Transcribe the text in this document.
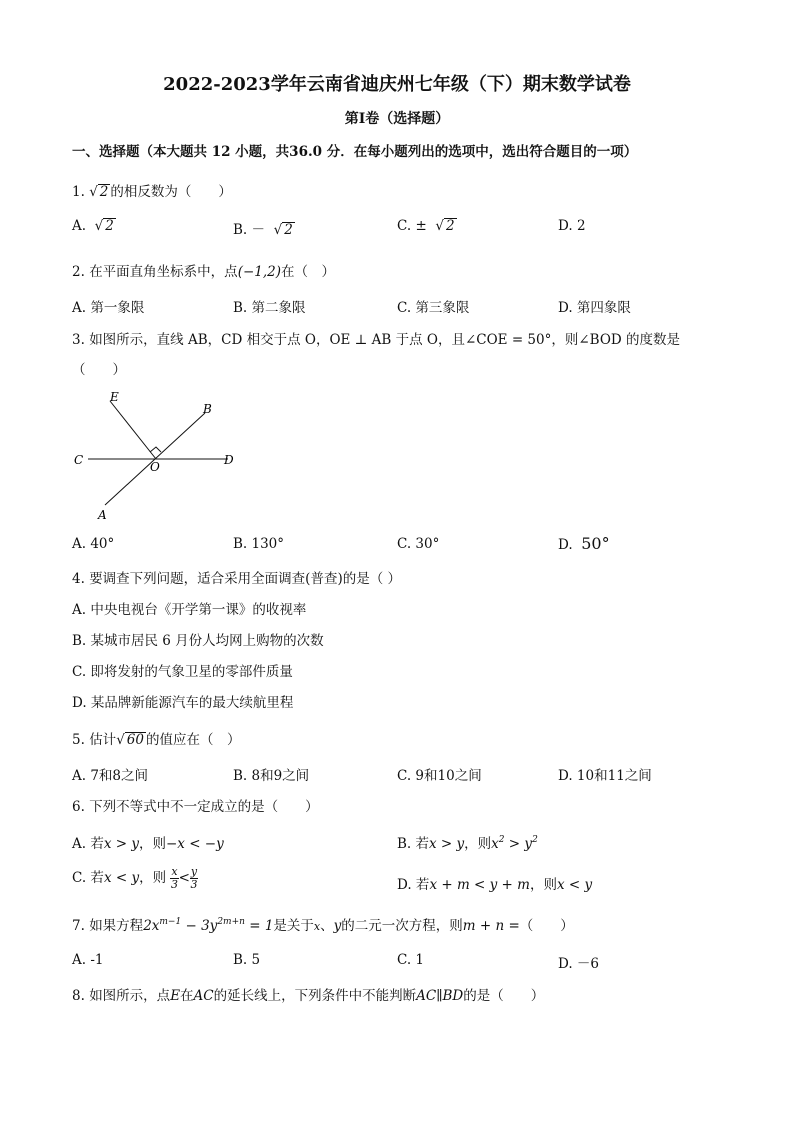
2022-2023学年云南省迪庆州七年级（下）期末数学试卷
第I卷（选择题）
一、选择题（本大题共 12 小题，共36.0 分．在每小题列出的选项中，选出符合题目的一项）
1. √ 2 的相反数为（　　）
A. √ 2	B. － √ 2	C. ± √ 2	D. 2
2. 在平面直角坐标系中，点(−1,2)在（　）
A. 第一象限	B. 第二象限	C. 第三象限	D. 第四象限
3. 如图所示，直线 AB，CD 相交于点 O，OE ⊥ AB 于点 O，且∠COE = 50°，则∠BOD 的度数是
（　　）
E
B
C	O	D
A
A. 40°	B. 130°	C. 30°	D. 50°
4. 要调查下列问题，适合采用全面调查(普查)的是（ ）
A. 中央电视台《开学第一课》的收视率
B. 某城市居民 6 月份人均网上购物的次数
C. 即将发射的气象卫星的零部件质量
D. 某品牌新能源汽车的最大续航里程
5. 估计√ 60 的值应在（　）
A. 7和8之间	B. 8和9之间	C. 9和10之间	D. 10和11之间
6. 下列不等式中不一定成立的是（　　）
A. 若x > y，则−x < −y	B. 若x > y，则$x^2 > y^2$
C. 若x < y，则 $\frac{x}{3} < \frac{y}{3}$	D. 若x + m < y + m，则x < y
7. 如果方程$2x^{m-1} - 3y^{2m+n} = 1$是关于x、y的二元一次方程，则m + n =（　　）
A. -1	B. 5	C. 1	D. －6
8. 如图所示，点E在AC的延长线上，下列条件中不能判断AC∥BD的是（　　）
